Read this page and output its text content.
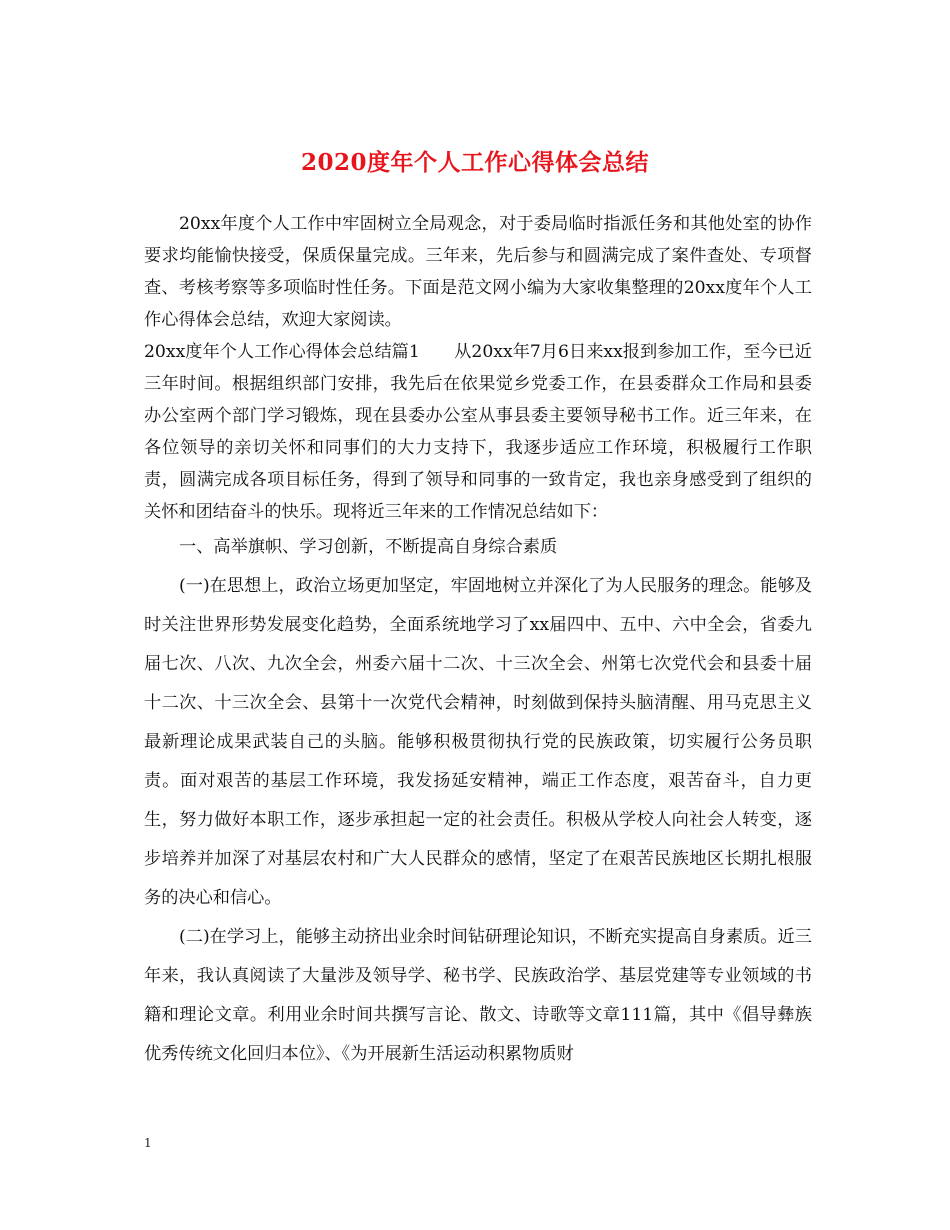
2020度年个人工作心得体会总结

20xx年度个人工作中牢固树立全局观念，对于委局临时指派任务和其他处室的协作要求均能愉快接受，保质保量完成。三年来，先后参与和圆满完成了案件查处、专项督查、考核考察等多项临时性任务。下面是范文网小编为大家收集整理的20xx度年个人工作心得体会总结，欢迎大家阅读。

20xx度年个人工作心得体会总结篇1　　从20xx年7月6日来xx报到参加工作，至今已近三年时间。根据组织部门安排，我先后在依果觉乡党委工作，在县委群众工作局和县委办公室两个部门学习锻炼，现在县委办公室从事县委主要领导秘书工作。近三年来，在各位领导的亲切关怀和同事们的大力支持下，我逐步适应工作环境，积极履行工作职责，圆满完成各项目标任务，得到了领导和同事的一致肯定，我也亲身感受到了组织的关怀和团结奋斗的快乐。现将近三年来的工作情况总结如下：

一、高举旗帜、学习创新，不断提高自身综合素质

(一)在思想上，政治立场更加坚定，牢固地树立并深化了为人民服务的理念。能够及时关注世界形势发展变化趋势，全面系统地学习了xx届四中、五中、六中全会，省委九届七次、八次、九次全会，州委六届十二次、十三次全会、州第七次党代会和县委十届十二次、十三次全会、县第十一次党代会精神，时刻做到保持头脑清醒、用马克思主义最新理论成果武装自己的头脑。能够积极贯彻执行党的民族政策，切实履行公务员职责。面对艰苦的基层工作环境，我发扬延安精神，端正工作态度，艰苦奋斗，自力更生，努力做好本职工作，逐步承担起一定的社会责任。积极从学校人向社会人转变，逐步培养并加深了对基层农村和广大人民群众的感情，坚定了在艰苦民族地区长期扎根服务的决心和信心。

(二)在学习上，能够主动挤出业余时间钻研理论知识，不断充实提高自身素质。近三年来，我认真阅读了大量涉及领导学、秘书学、民族政治学、基层党建等专业领域的书籍和理论文章。利用业余时间共撰写言论、散文、诗歌等文章111篇，其中《倡导彝族优秀传统文化回归本位》、《为开展新生活运动积累物质财

1
